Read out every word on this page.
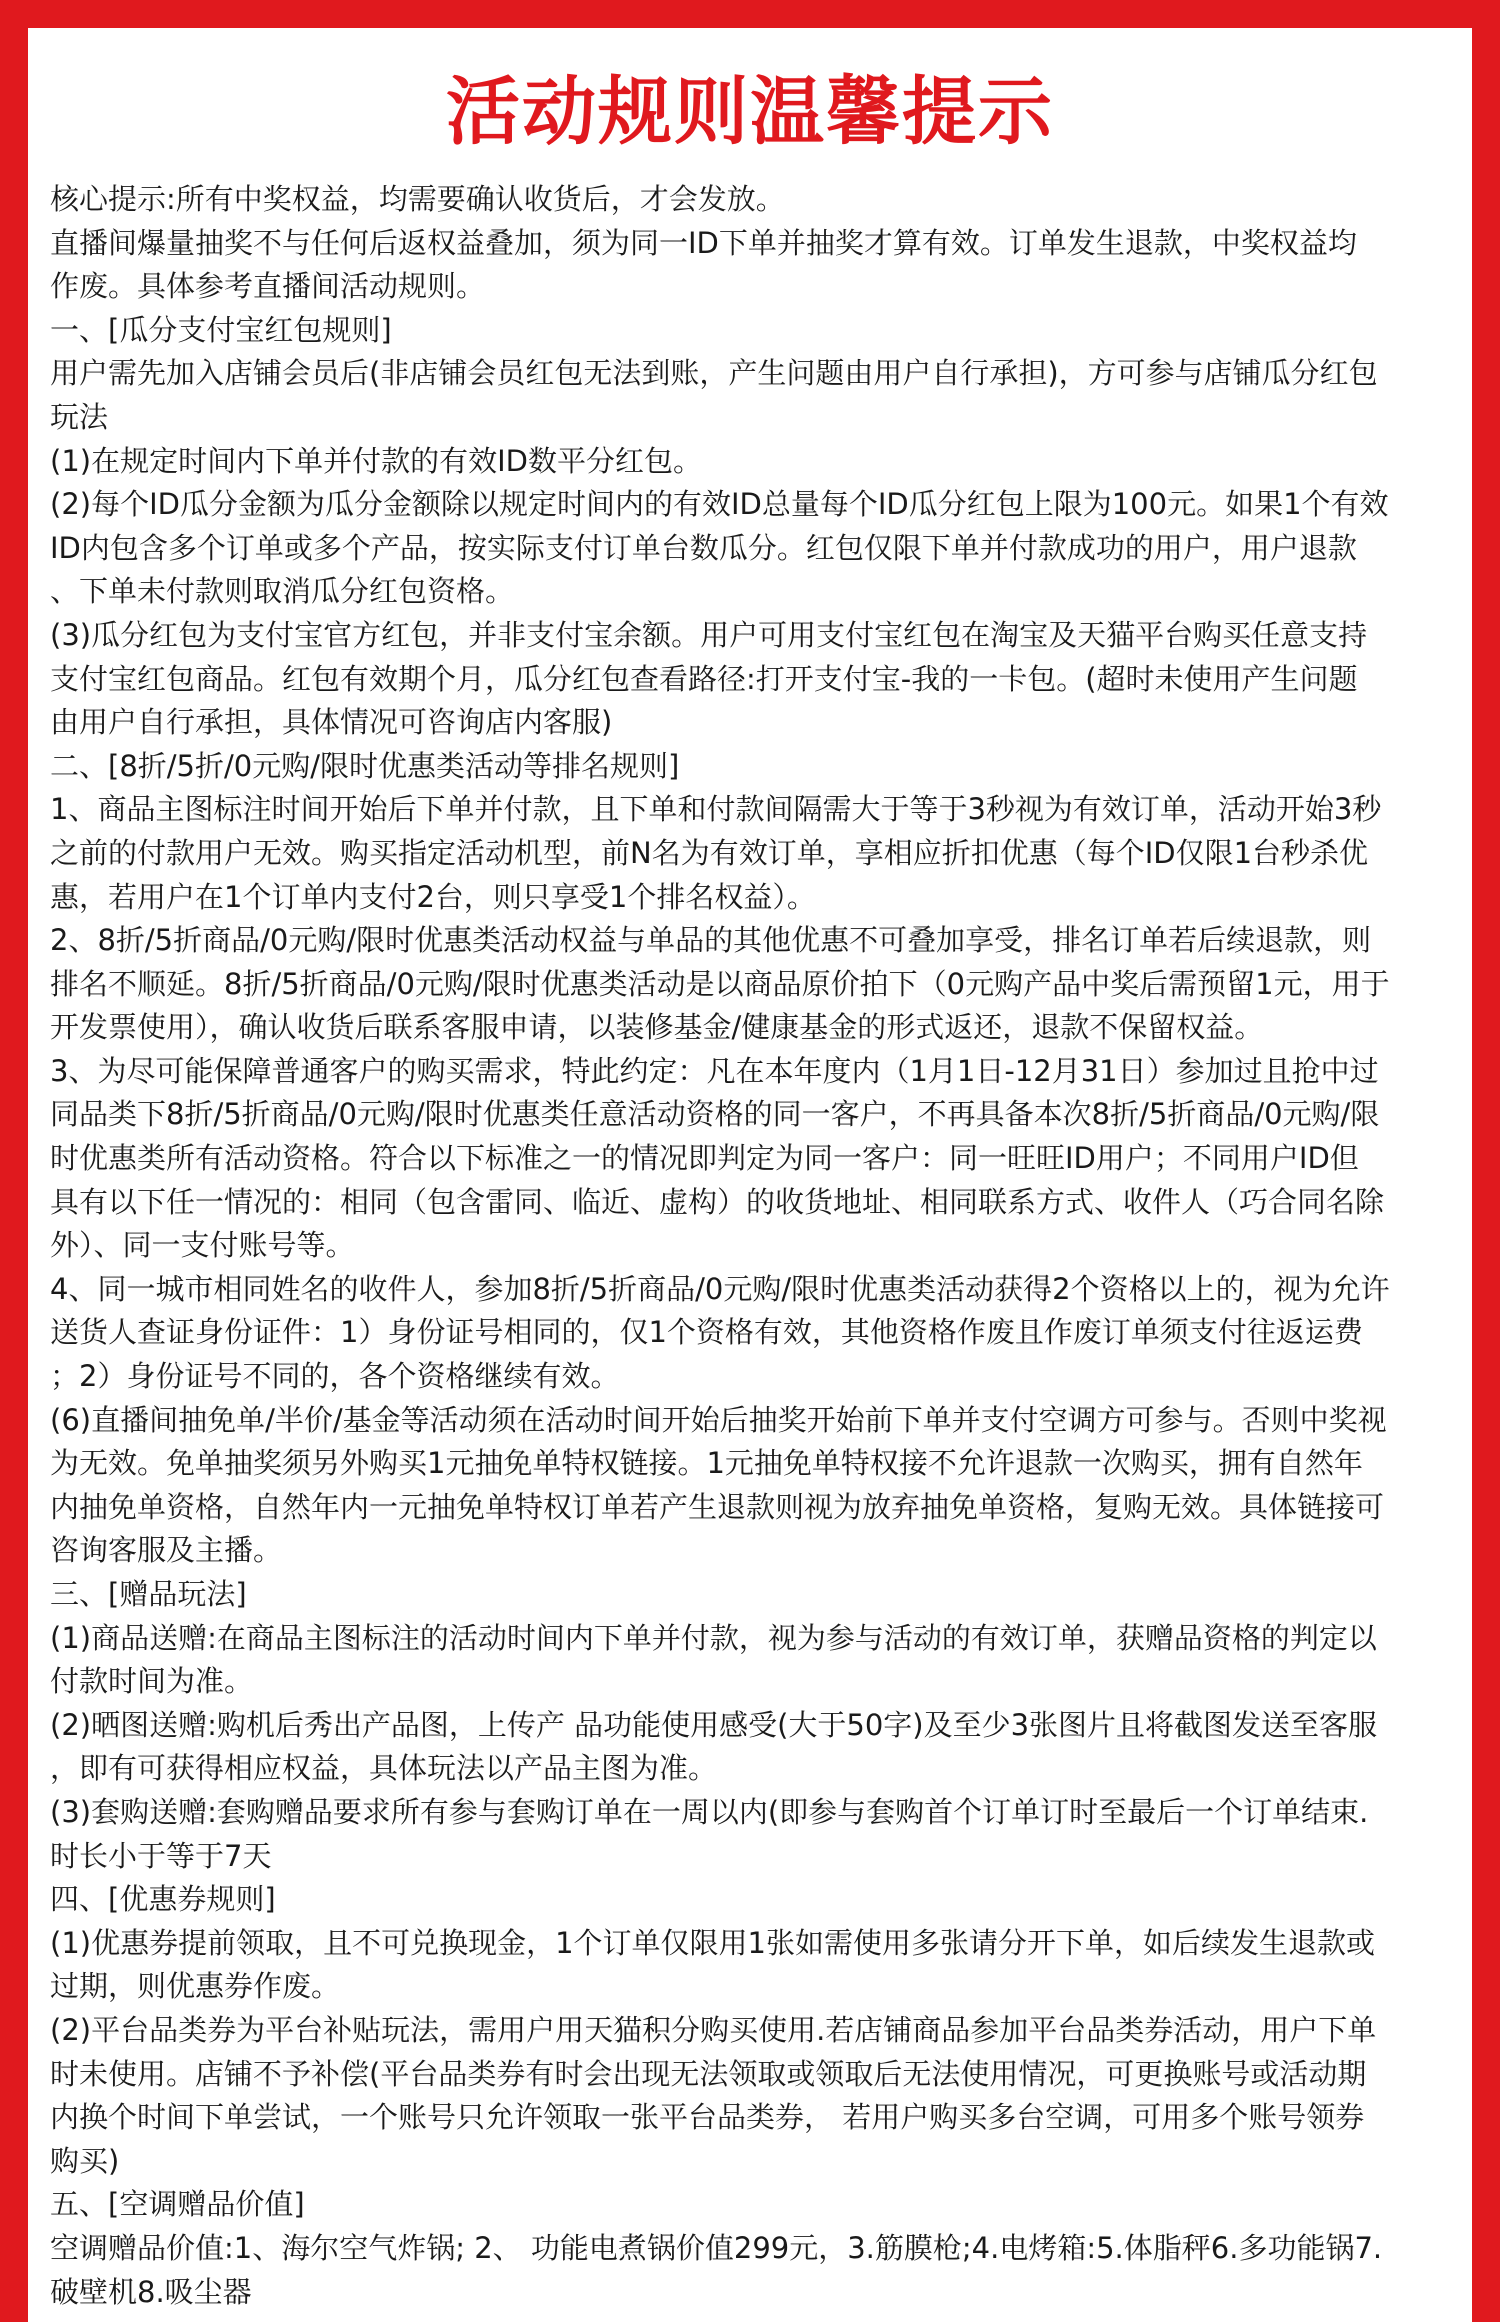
活动规则温馨提示
核心提示:所有中奖权益，均需要确认收货后，才会发放。
直播间爆量抽奖不与任何后返权益叠加，须为同一ID下单并抽奖才算有效。订单发生退款，中奖权益均
作废。具体参考直播间活动规则。
一、[瓜分支付宝红包规则]
用户需先加入店铺会员后(非店铺会员红包无法到账，产生问题由用户自行承担)，方可参与店铺瓜分红包
玩法
(1)在规定时间内下单并付款的有效ID数平分红包。
(2)每个ID瓜分金额为瓜分金额除以规定时间内的有效ID总量每个ID瓜分红包上限为100元。如果1个有效
ID内包含多个订单或多个产品，按实际支付订单台数瓜分。红包仅限下单并付款成功的用户，用户退款
、下单未付款则取消瓜分红包资格。
(3)瓜分红包为支付宝官方红包，并非支付宝余额。用户可用支付宝红包在淘宝及天猫平台购买任意支持
支付宝红包商品。红包有效期个月，瓜分红包查看路径:打开支付宝-我的一卡包。(超时未使用产生问题
由用户自行承担，具体情况可咨询店内客服)
二、[8折/5折/0元购/限时优惠类活动等排名规则]
1、商品主图标注时间开始后下单并付款，且下单和付款间隔需大于等于3秒视为有效订单，活动开始3秒
之前的付款用户无效。购买指定活动机型，前N名为有效订单，享相应折扣优惠（每个ID仅限1台秒杀优
惠，若用户在1个订单内支付2台，则只享受1个排名权益）。
2、8折/5折商品/0元购/限时优惠类活动权益与单品的其他优惠不可叠加享受，排名订单若后续退款，则
排名不顺延。8折/5折商品/0元购/限时优惠类活动是以商品原价拍下（0元购产品中奖后需预留1元，用于
开发票使用），确认收货后联系客服申请，以装修基金/健康基金的形式返还，退款不保留权益。
3、为尽可能保障普通客户的购买需求，特此约定：凡在本年度内（1月1日-12月31日）参加过且抢中过
同品类下8折/5折商品/0元购/限时优惠类任意活动资格的同一客户，不再具备本次8折/5折商品/0元购/限
时优惠类所有活动资格。符合以下标准之一的情况即判定为同一客户：同一旺旺ID用户；不同用户ID但
具有以下任一情况的：相同（包含雷同、临近、虚构）的收货地址、相同联系方式、收件人（巧合同名除
外）、同一支付账号等。
4、同一城市相同姓名的收件人，参加8折/5折商品/0元购/限时优惠类活动获得2个资格以上的，视为允许
送货人查证身份证件：1）身份证号相同的，仅1个资格有效，其他资格作废且作废订单须支付往返运费
；2）身份证号不同的，各个资格继续有效。
(6)直播间抽免单/半价/基金等活动须在活动时间开始后抽奖开始前下单并支付空调方可参与。否则中奖视
为无效。免单抽奖须另外购买1元抽免单特权链接。1元抽免单特权接不允许退款一次购买，拥有自然年
内抽免单资格，自然年内一元抽免单特权订单若产生退款则视为放弃抽免单资格，复购无效。具体链接可
咨询客服及主播。
三、[赠品玩法]
(1)商品送赠:在商品主图标注的活动时间内下单并付款，视为参与活动的有效订单，获赠品资格的判定以
付款时间为准。
(2)晒图送赠:购机后秀出产品图，上传产 品功能使用感受(大于50字)及至少3张图片且将截图发送至客服
，即有可获得相应权益，具体玩法以产品主图为准。
(3)套购送赠:套购赠品要求所有参与套购订单在一周以内(即参与套购首个订单订时至最后一个订单结束.
时长小于等于7天
四、[优惠券规则]
(1)优惠券提前领取，且不可兑换现金，1个订单仅限用1张如需使用多张请分开下单，如后续发生退款或
过期，则优惠券作废。
(2)平台品类券为平台补贴玩法，需用户用天猫积分购买使用.若店铺商品参加平台品类券活动，用户下单
时未使用。店铺不予补偿(平台品类券有时会出现无法领取或领取后无法使用情况，可更换账号或活动期
内换个时间下单尝试，一个账号只允许领取一张平台品类券， 若用户购买多台空调，可用多个账号领券
购买)
五、[空调赠品价值]
空调赠品价值:1、海尔空气炸锅; 2、 功能电煮锅价值299元，3.筋膜枪;4.电烤箱:5.体脂秤6.多功能锅7.
破壁机8.吸尘器
